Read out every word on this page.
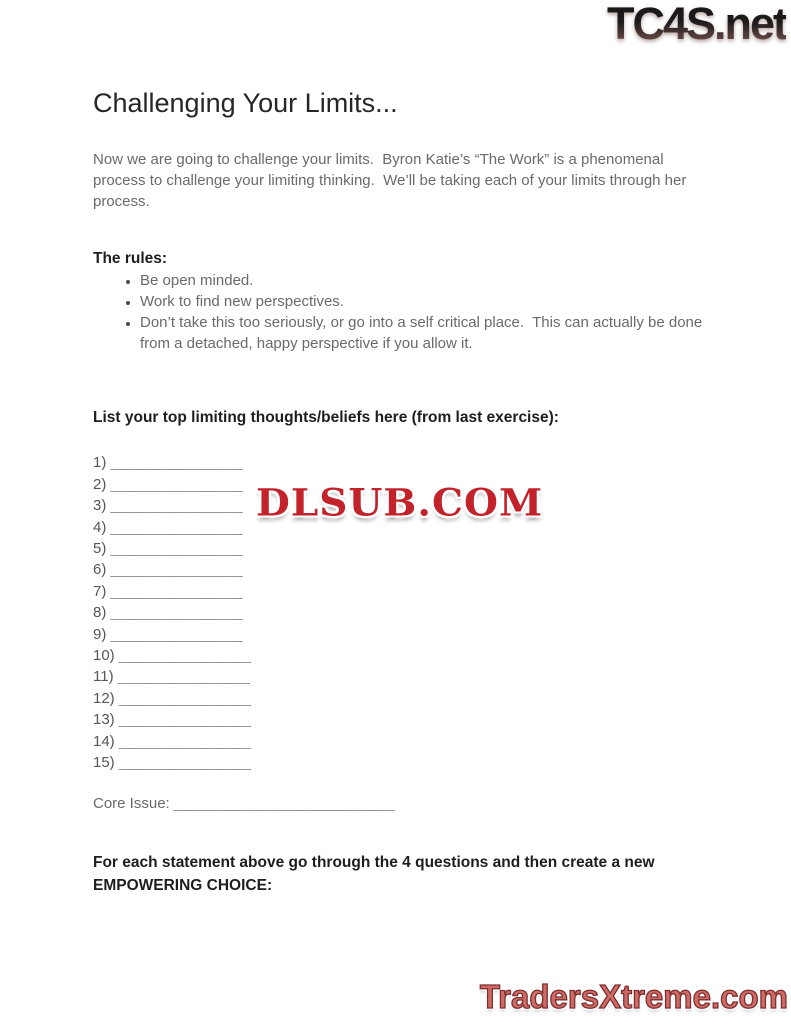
TC4S.net
Challenging Your Limits...

Now we are going to challenge your limits.  Byron Katie’s “The Work” is a phenomenal process to challenge your limiting thinking.  We’ll be taking each of your limits through her process.

The rules:
• Be open minded.
• Work to find new perspectives.
• Don’t take this too seriously, or go into a self critical place.  This can actually be done from a detached, happy perspective if you allow it.
List your top limiting thoughts/beliefs here (from last exercise):
1) _______________
2) _______________
3) _______________
4) _______________
5) _______________
6) _______________
7) _______________
8) _______________
9) _______________
10) _______________
11) _______________
12) _______________
13) _______________
14) _______________
15) _______________

Core Issue: _________________________

For each statement above go through the 4 questions and then create a new EMPOWERING CHOICE:

DLSUB.COM
TradersXtreme.com
